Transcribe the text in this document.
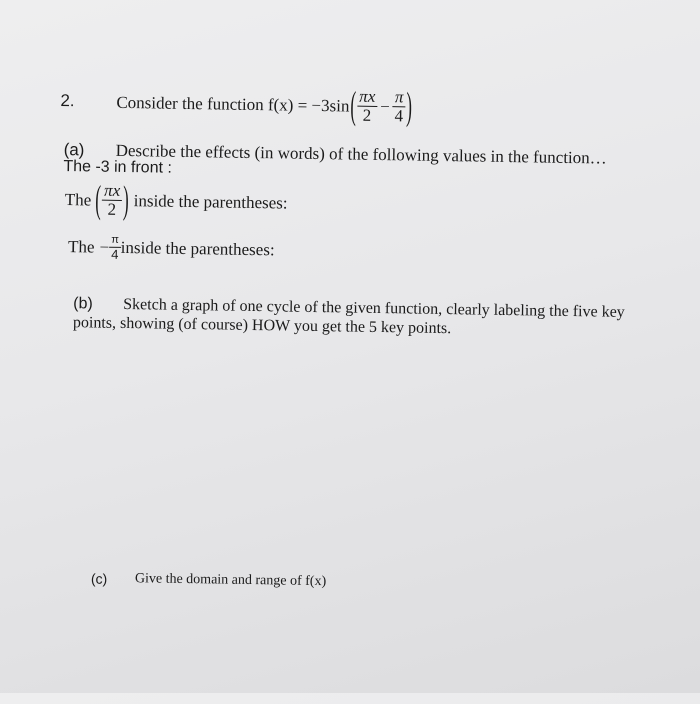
2. Consider the function f(x) = −3sin ( $\frac{\pi x}{2} - \frac{\pi}{4}$ )
(a) Describe the effects (in words) of the following values in the function…
The -3 in front :
The ( $\frac{\pi x}{2}$ ) inside the parentheses:
The − $\frac{\pi}{4}$ inside the parentheses:
(b) Sketch a graph of one cycle of the given function, clearly labeling the five key
points, showing (of course) HOW you get the 5 key points.
(c) Give the domain and range of f(x)
